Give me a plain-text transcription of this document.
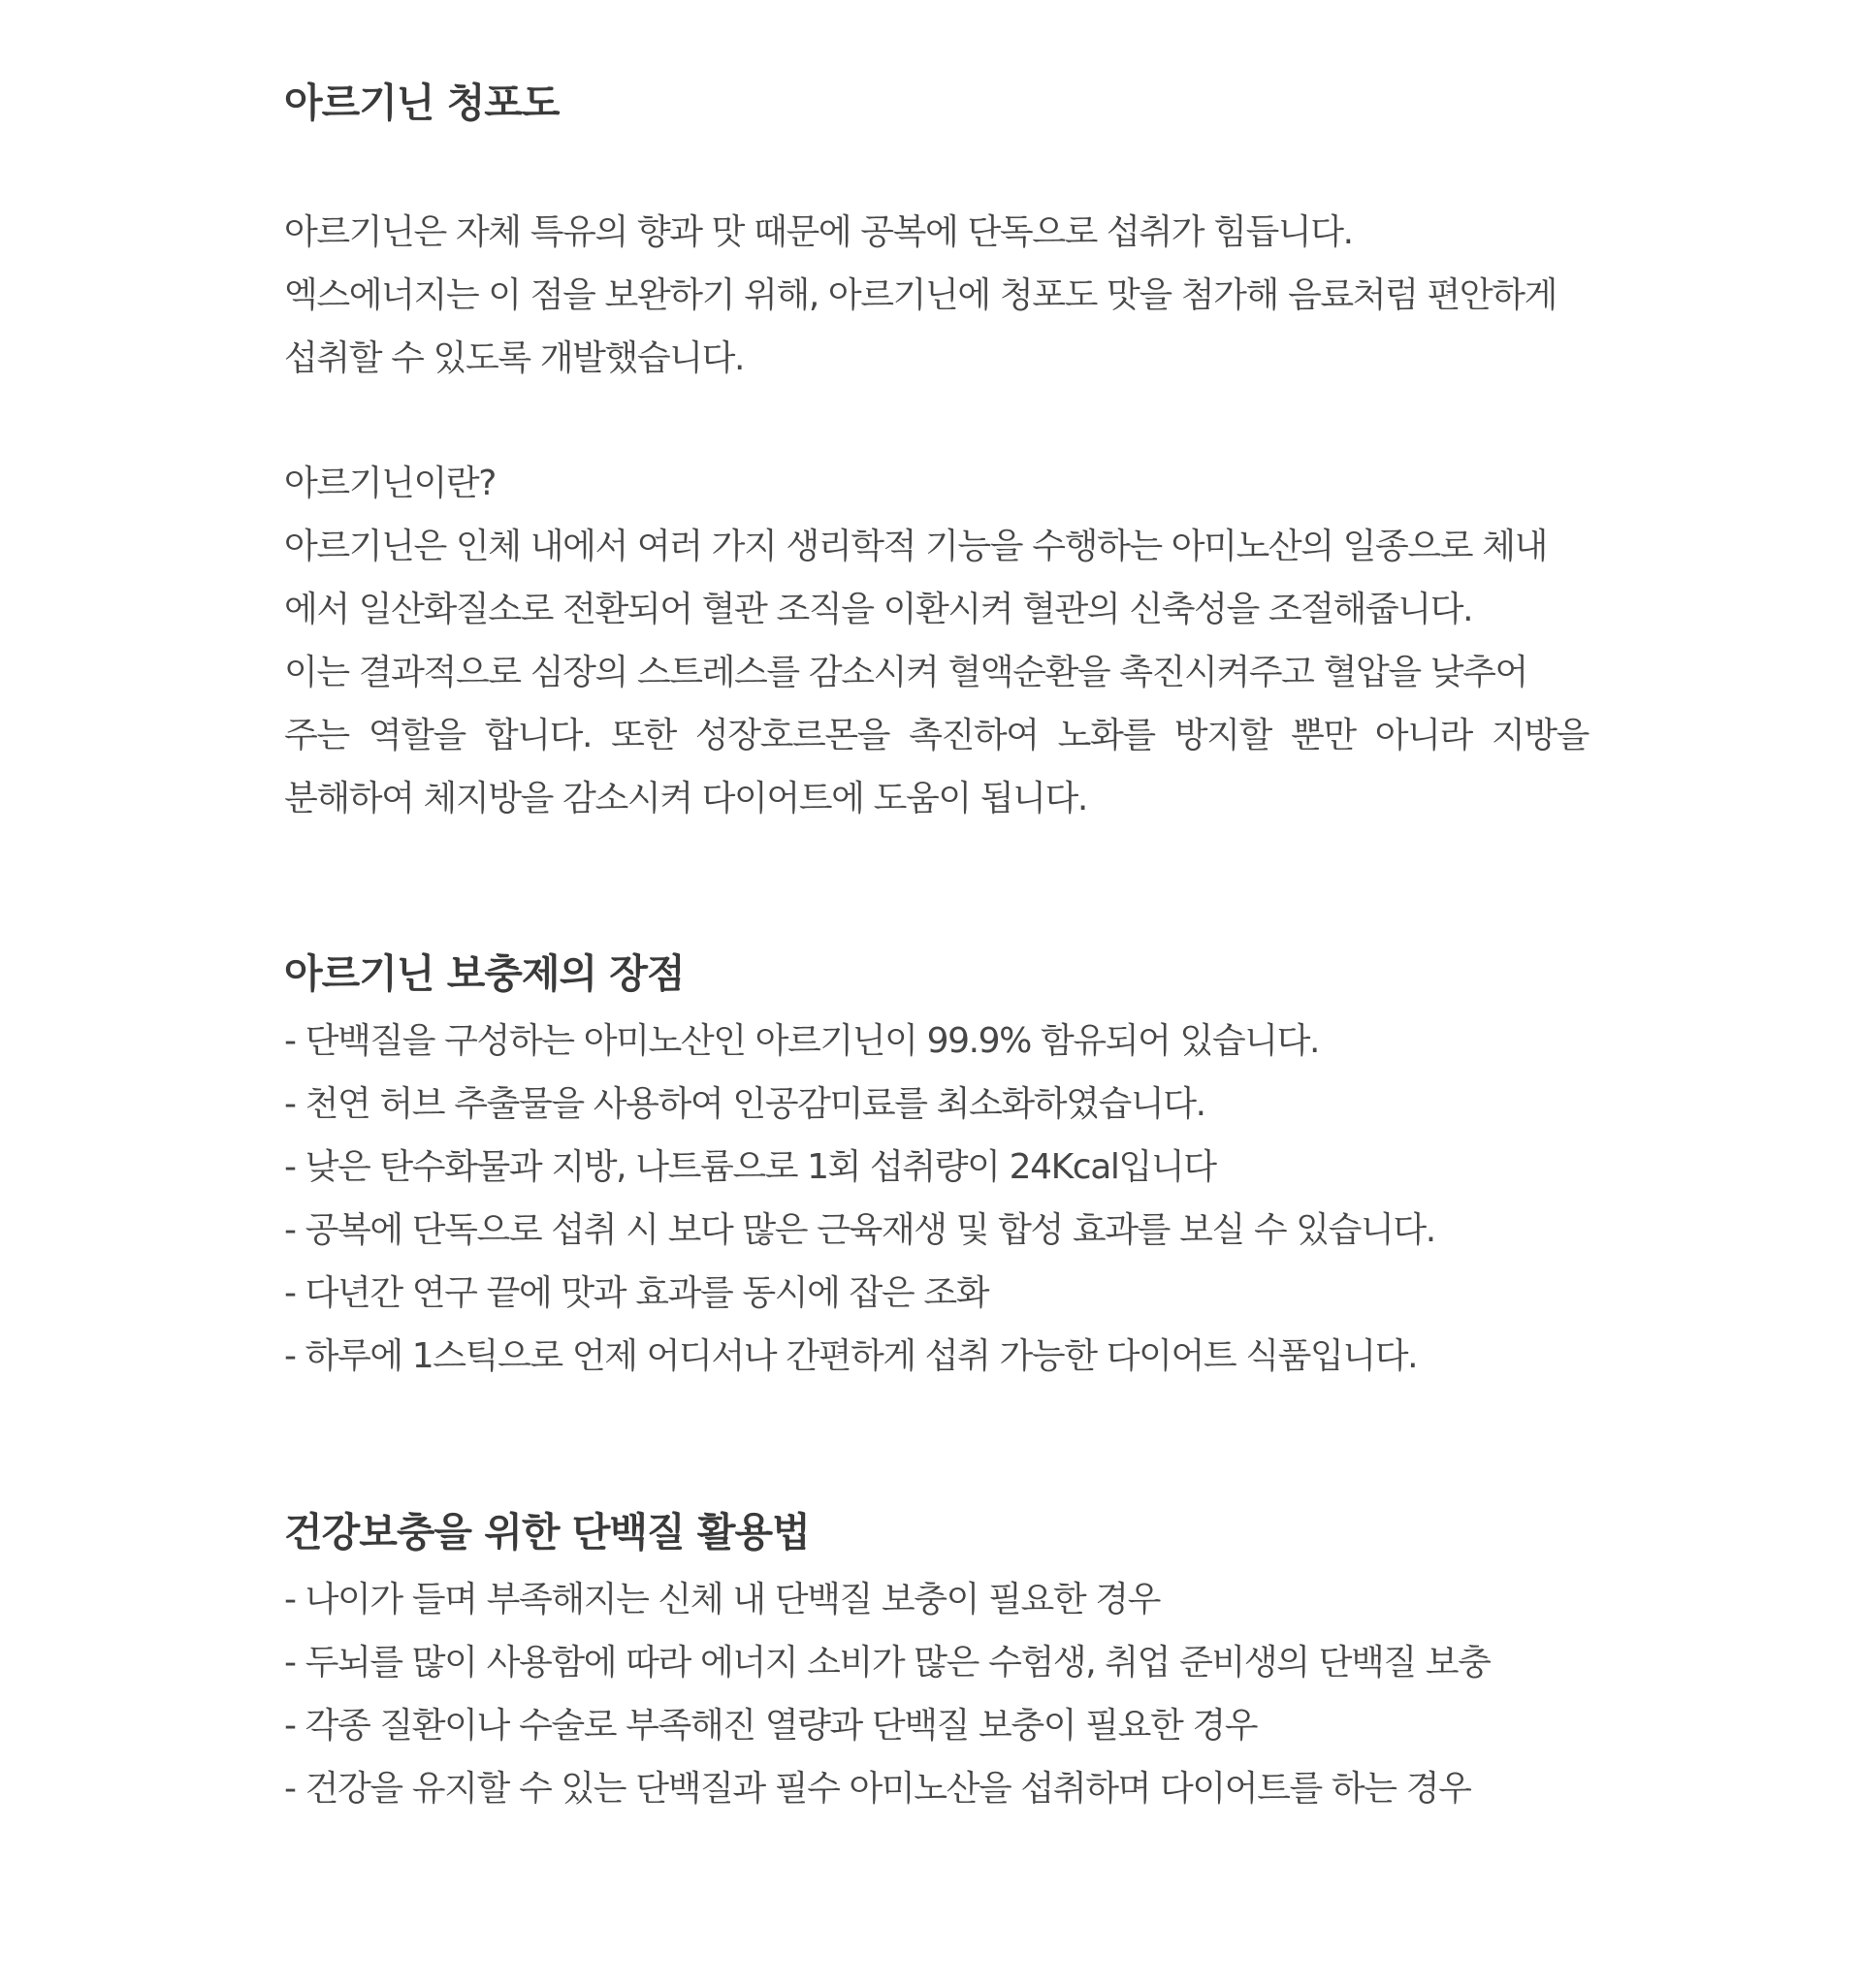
아르기닌 청포도

아르기닌은 자체 특유의 향과 맛 때문에 공복에 단독으로 섭취가 힘듭니다.
엑스에너지는 이 점을 보완하기 위해, 아르기닌에 청포도 맛을 첨가해 음료처럼 편안하게
섭취할 수 있도록 개발했습니다.

아르기닌이란?
아르기닌은 인체 내에서 여러 가지 생리학적 기능을 수행하는 아미노산의 일종으로 체내
에서 일산화질소로 전환되어 혈관 조직을 이환시켜 혈관의 신축성을 조절해줍니다.
이는 결과적으로 심장의 스트레스를 감소시켜 혈액순환을 촉진시켜주고 혈압을 낮추어
주는 역할을 합니다. 또한 성장호르몬을 촉진하여 노화를 방지할 뿐만 아니라 지방을
분해하여 체지방을 감소시켜 다이어트에 도움이 됩니다.

아르기닌 보충제의 장점
- 단백질을 구성하는 아미노산인 아르기닌이 99.9% 함유되어 있습니다.
- 천연 허브 추출물을 사용하여 인공감미료를 최소화하였습니다.
- 낮은 탄수화물과 지방, 나트륨으로 1회 섭취량이 24Kcal입니다
- 공복에 단독으로 섭취 시 보다 많은 근육재생 및 합성 효과를 보실 수 있습니다.
- 다년간 연구 끝에 맛과 효과를 동시에 잡은 조화
- 하루에 1스틱으로 언제 어디서나 간편하게 섭취 가능한 다이어트 식품입니다.
건강보충을 위한 단백질 활용법
- 나이가 들며 부족해지는 신체 내 단백질 보충이 필요한 경우
- 두뇌를 많이 사용함에 따라 에너지 소비가 많은 수험생, 취업 준비생의 단백질 보충
- 각종 질환이나 수술로 부족해진 열량과 단백질 보충이 필요한 경우
- 건강을 유지할 수 있는 단백질과 필수 아미노산을 섭취하며 다이어트를 하는 경우
